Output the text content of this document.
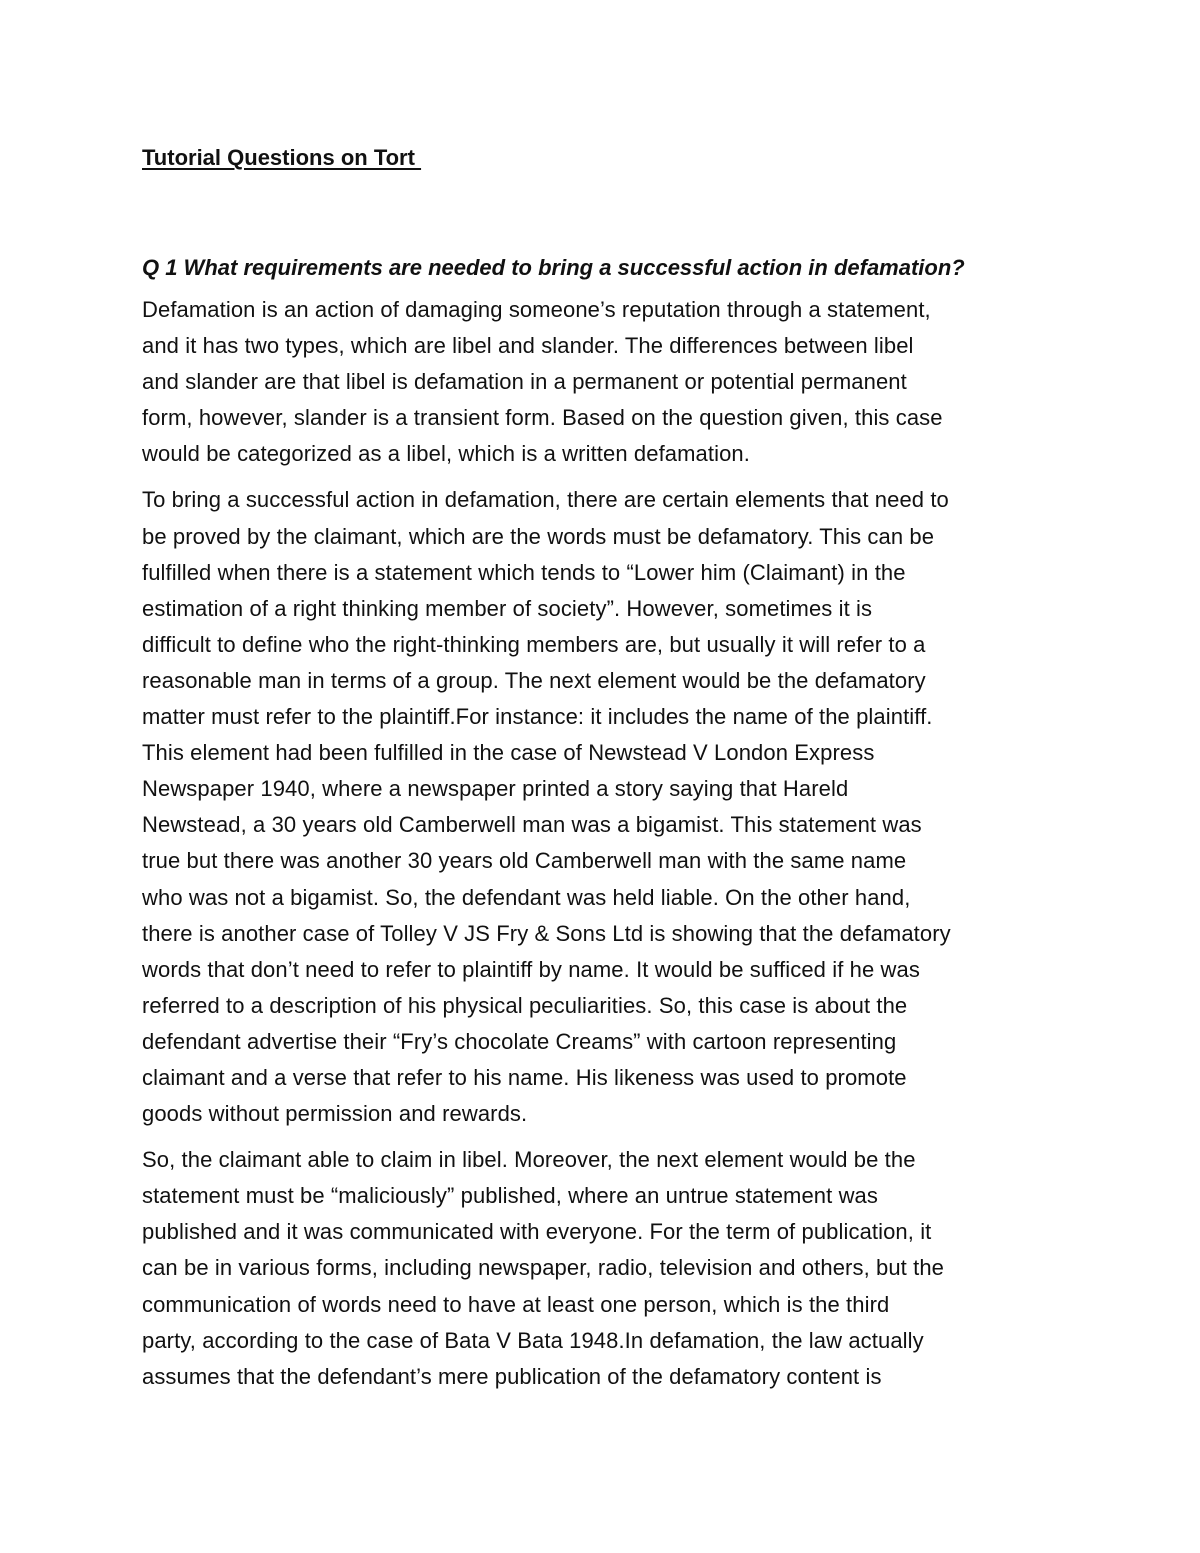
Tutorial Questions on Tort

Q 1 What requirements are needed to bring a successful action in defamation?

Defamation is an action of damaging someone’s reputation through a statement,
and it has two types, which are libel and slander. The differences between libel
and slander are that libel is defamation in a permanent or potential permanent
form, however, slander is a transient form. Based on the question given, this case
would be categorized as a libel, which is a written defamation.
To bring a successful action in defamation, there are certain elements that need to
be proved by the claimant, which are the words must be defamatory. This can be
fulfilled when there is a statement which tends to “Lower him (Claimant) in the
estimation of a right thinking member of society”. However, sometimes it is
difficult to define who the right-thinking members are, but usually it will refer to a
reasonable man in terms of a group. The next element would be the defamatory
matter must refer to the plaintiff.For instance: it includes the name of the plaintiff.
This element had been fulfilled in the case of Newstead V London Express
Newspaper 1940, where a newspaper printed a story saying that Hareld
Newstead, a 30 years old Camberwell man was a bigamist. This statement was
true but there was another 30 years old Camberwell man with the same name
who was not a bigamist. So, the defendant was held liable. On the other hand,
there is another case of Tolley V JS Fry & Sons Ltd is showing that the defamatory
words that don’t need to refer to plaintiff by name. It would be sufficed if he was
referred to a description of his physical peculiarities. So, this case is about the
defendant advertise their “Fry’s chocolate Creams” with cartoon representing
claimant and a verse that refer to his name. His likeness was used to promote
goods without permission and rewards.
So, the claimant able to claim in libel. Moreover, the next element would be the
statement must be “maliciously” published, where an untrue statement was
published and it was communicated with everyone. For the term of publication, it
can be in various forms, including newspaper, radio, television and others, but the
communication of words need to have at least one person, which is the third
party, according to the case of Bata V Bata 1948.In defamation, the law actually
assumes that the defendant’s mere publication of the defamatory content is
